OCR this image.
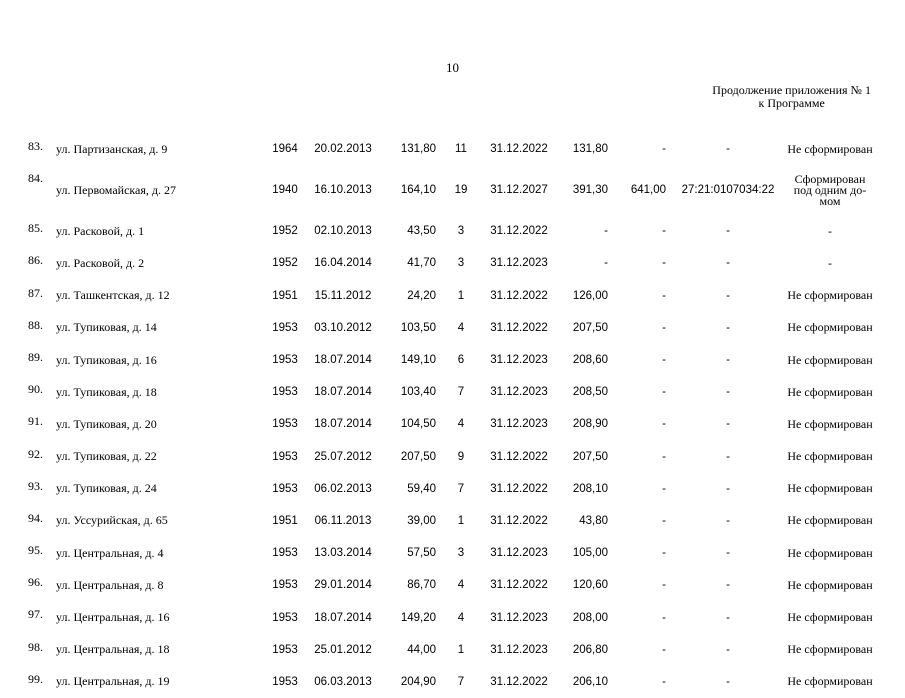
10
Продолжение приложения № 1
к Программе
83.	ул. Партизанская, д. 9	1964	20.02.2013	131,80	11	31.12.2022	131,80	-	-	Не сформирован
84.	ул. Первомайская, д. 27	1940	16.10.2013	164,10	19	31.12.2027	391,30	641,00	27:21:0107034:22	Сформирован
под одним до-
мом

85.	ул. Расковой, д. 1	1952	02.10.2013	43,50	3	31.12.2022	-	-	-	-
86.	ул. Расковой, д. 2	1952	16.04.2014	41,70	3	31.12.2023	-	-	-	-
87.	ул. Ташкентская, д. 12	1951	15.11.2012	24,20	1	31.12.2022	126,00	-	-	Не сформирован
88.	ул. Тупиковая, д. 14	1953	03.10.2012	103,50	4	31.12.2022	207,50	-	-	Не сформирован
89.	ул. Тупиковая, д. 16	1953	18.07.2014	149,10	6	31.12.2023	208,60	-	-	Не сформирован
90.	ул. Тупиковая, д. 18	1953	18.07.2014	103,40	7	31.12.2023	208,50	-	-	Не сформирован
91.	ул. Тупиковая, д. 20	1953	18.07.2014	104,50	4	31.12.2023	208,90	-	-	Не сформирован
92.	ул. Тупиковая, д. 22	1953	25.07.2012	207,50	9	31.12.2022	207,50	-	-	Не сформирован
93.	ул. Тупиковая, д. 24	1953	06.02.2013	59,40	7	31.12.2022	208,10	-	-	Не сформирован
94.	ул. Уссурийская, д. 65	1951	06.11.2013	39,00	1	31.12.2022	43,80	-	-	Не сформирован
95.	ул. Центральная, д. 4	1953	13.03.2014	57,50	3	31.12.2023	105,00	-	-	Не сформирован
96.	ул. Центральная, д. 8	1953	29.01.2014	86,70	4	31.12.2022	120,60	-	-	Не сформирован
97.	ул. Центральная, д. 16	1953	18.07.2014	149,20	4	31.12.2023	208,00	-	-	Не сформирован
98.	ул. Центральная, д. 18	1953	25.01.2012	44,00	1	31.12.2023	206,80	-	-	Не сформирован
99.	ул. Центральная, д. 19	1953	06.03.2013	204,90	7	31.12.2022	206,10	-	-	Не сформирован
